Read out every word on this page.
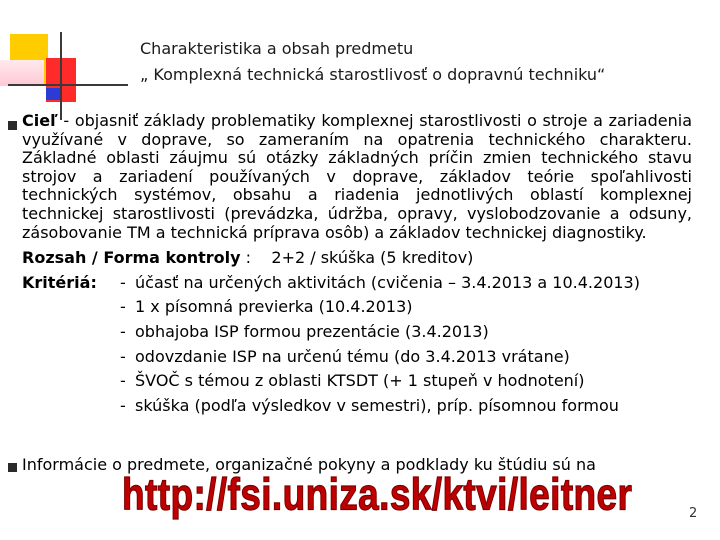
Charakteristika a obsah predmetu
„ Komplexná technická starostlivosť o dopravnú techniku“
Cieľ - objasniť základy problematiky komplexnej starostlivosti o stroje a zariadenia využívané v doprave, so zameraním na opatrenia technického charakteru. Základné oblasti záujmu sú otázky základných príčin zmien technického stavu strojov a zariadení používaných v doprave, základov teórie spoľahlivosti technických systémov, obsahu a riadenia jednotlivých oblastí komplexnej technickej starostlivosti (prevádzka, údržba, opravy, vyslobodzovanie a odsuny, zásobovanie TM a technická príprava osôb) a základov technickej diagnostiky.
Rozsah / Forma kontroly : 2+2 / skúška (5 kreditov)
Kritériá:	- účasť na určených aktivitách (cvičenia – 3.4.2013 a 10.4.2013)
- 1 x písomná previerka (10.4.2013)
- obhajoba ISP formou prezentácie (3.4.2013)
- odovzdanie ISP na určenú tému (do 3.4.2013 vrátane)
- ŠVOČ s témou z oblasti KTSDT (+ 1 stupeň v hodnotení)
- skúška (podľa výsledkov v semestri), príp. písomnou formou
Informácie o predmete, organizačné pokyny a podklady ku štúdiu sú na
http://fsi.uniza.sk/ktvi/leitner	2
